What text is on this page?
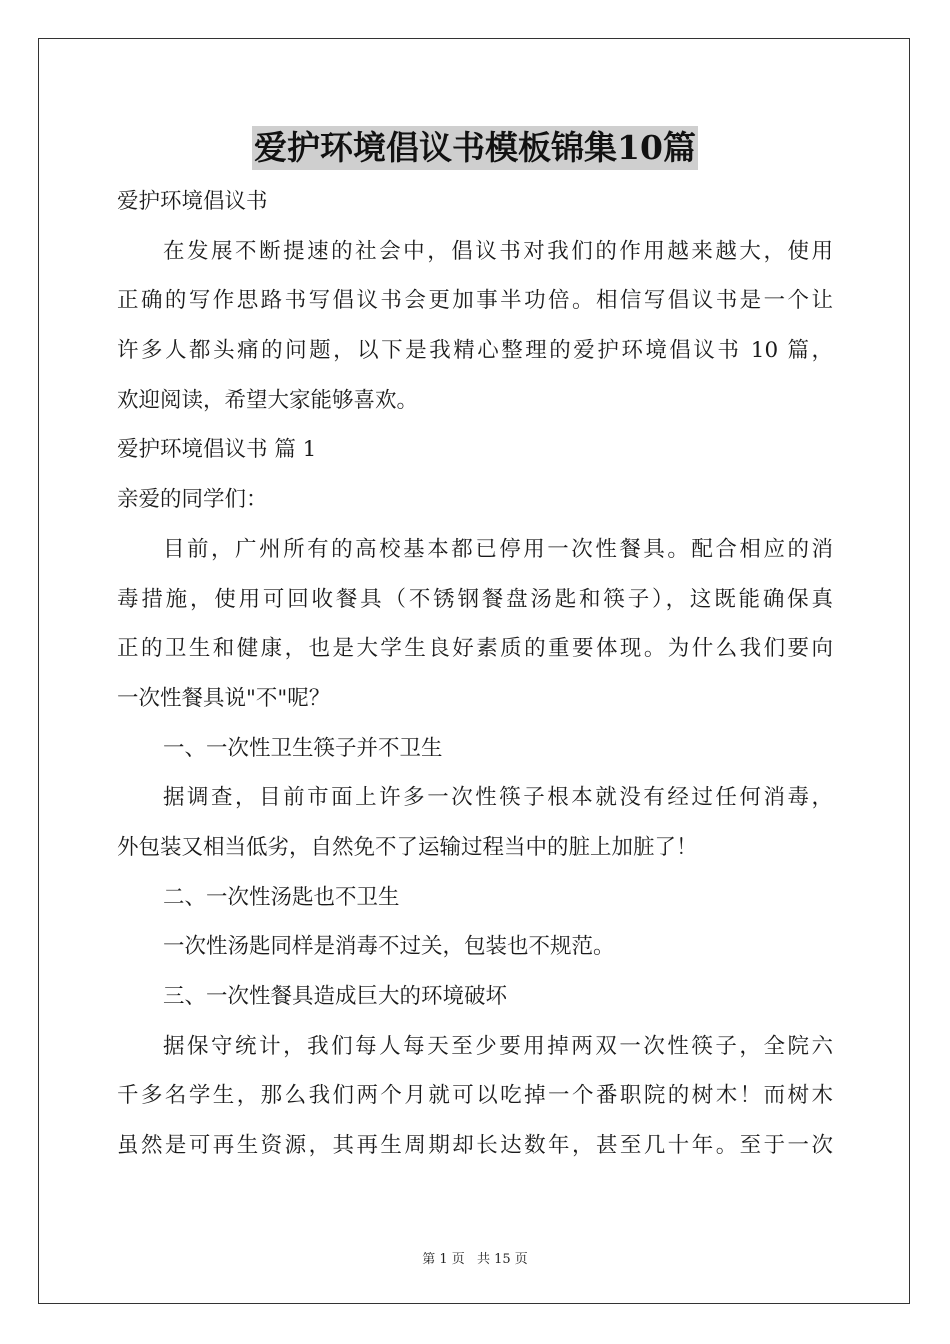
爱护环境倡议书模板锦集10篇
爱护环境倡议书
在发展不断提速的社会中，倡议书对我们的作用越来越大，使用
正确的写作思路书写倡议书会更加事半功倍。相信写倡议书是一个让
许多人都头痛的问题，以下是我精心整理的爱护环境倡议书 10 篇，
欢迎阅读，希望大家能够喜欢。
爱护环境倡议书 篇 1
亲爱的同学们：
目前，广州所有的高校基本都已停用一次性餐具。配合相应的消
毒措施，使用可回收餐具（不锈钢餐盘汤匙和筷子），这既能确保真
正的卫生和健康，也是大学生良好素质的重要体现。为什么我们要向
一次性餐具说"不"呢？
一、一次性卫生筷子并不卫生
据调查，目前市面上许多一次性筷子根本就没有经过任何消毒，
外包装又相当低劣，自然免不了运输过程当中的脏上加脏了！
二、一次性汤匙也不卫生
一次性汤匙同样是消毒不过关，包装也不规范。
三、一次性餐具造成巨大的环境破坏
据保守统计，我们每人每天至少要用掉两双一次性筷子，全院六
千多名学生，那么我们两个月就可以吃掉一个番职院的树木！而树木
虽然是可再生资源，其再生周期却长达数年，甚至几十年。至于一次
第 1 页 共 15 页
